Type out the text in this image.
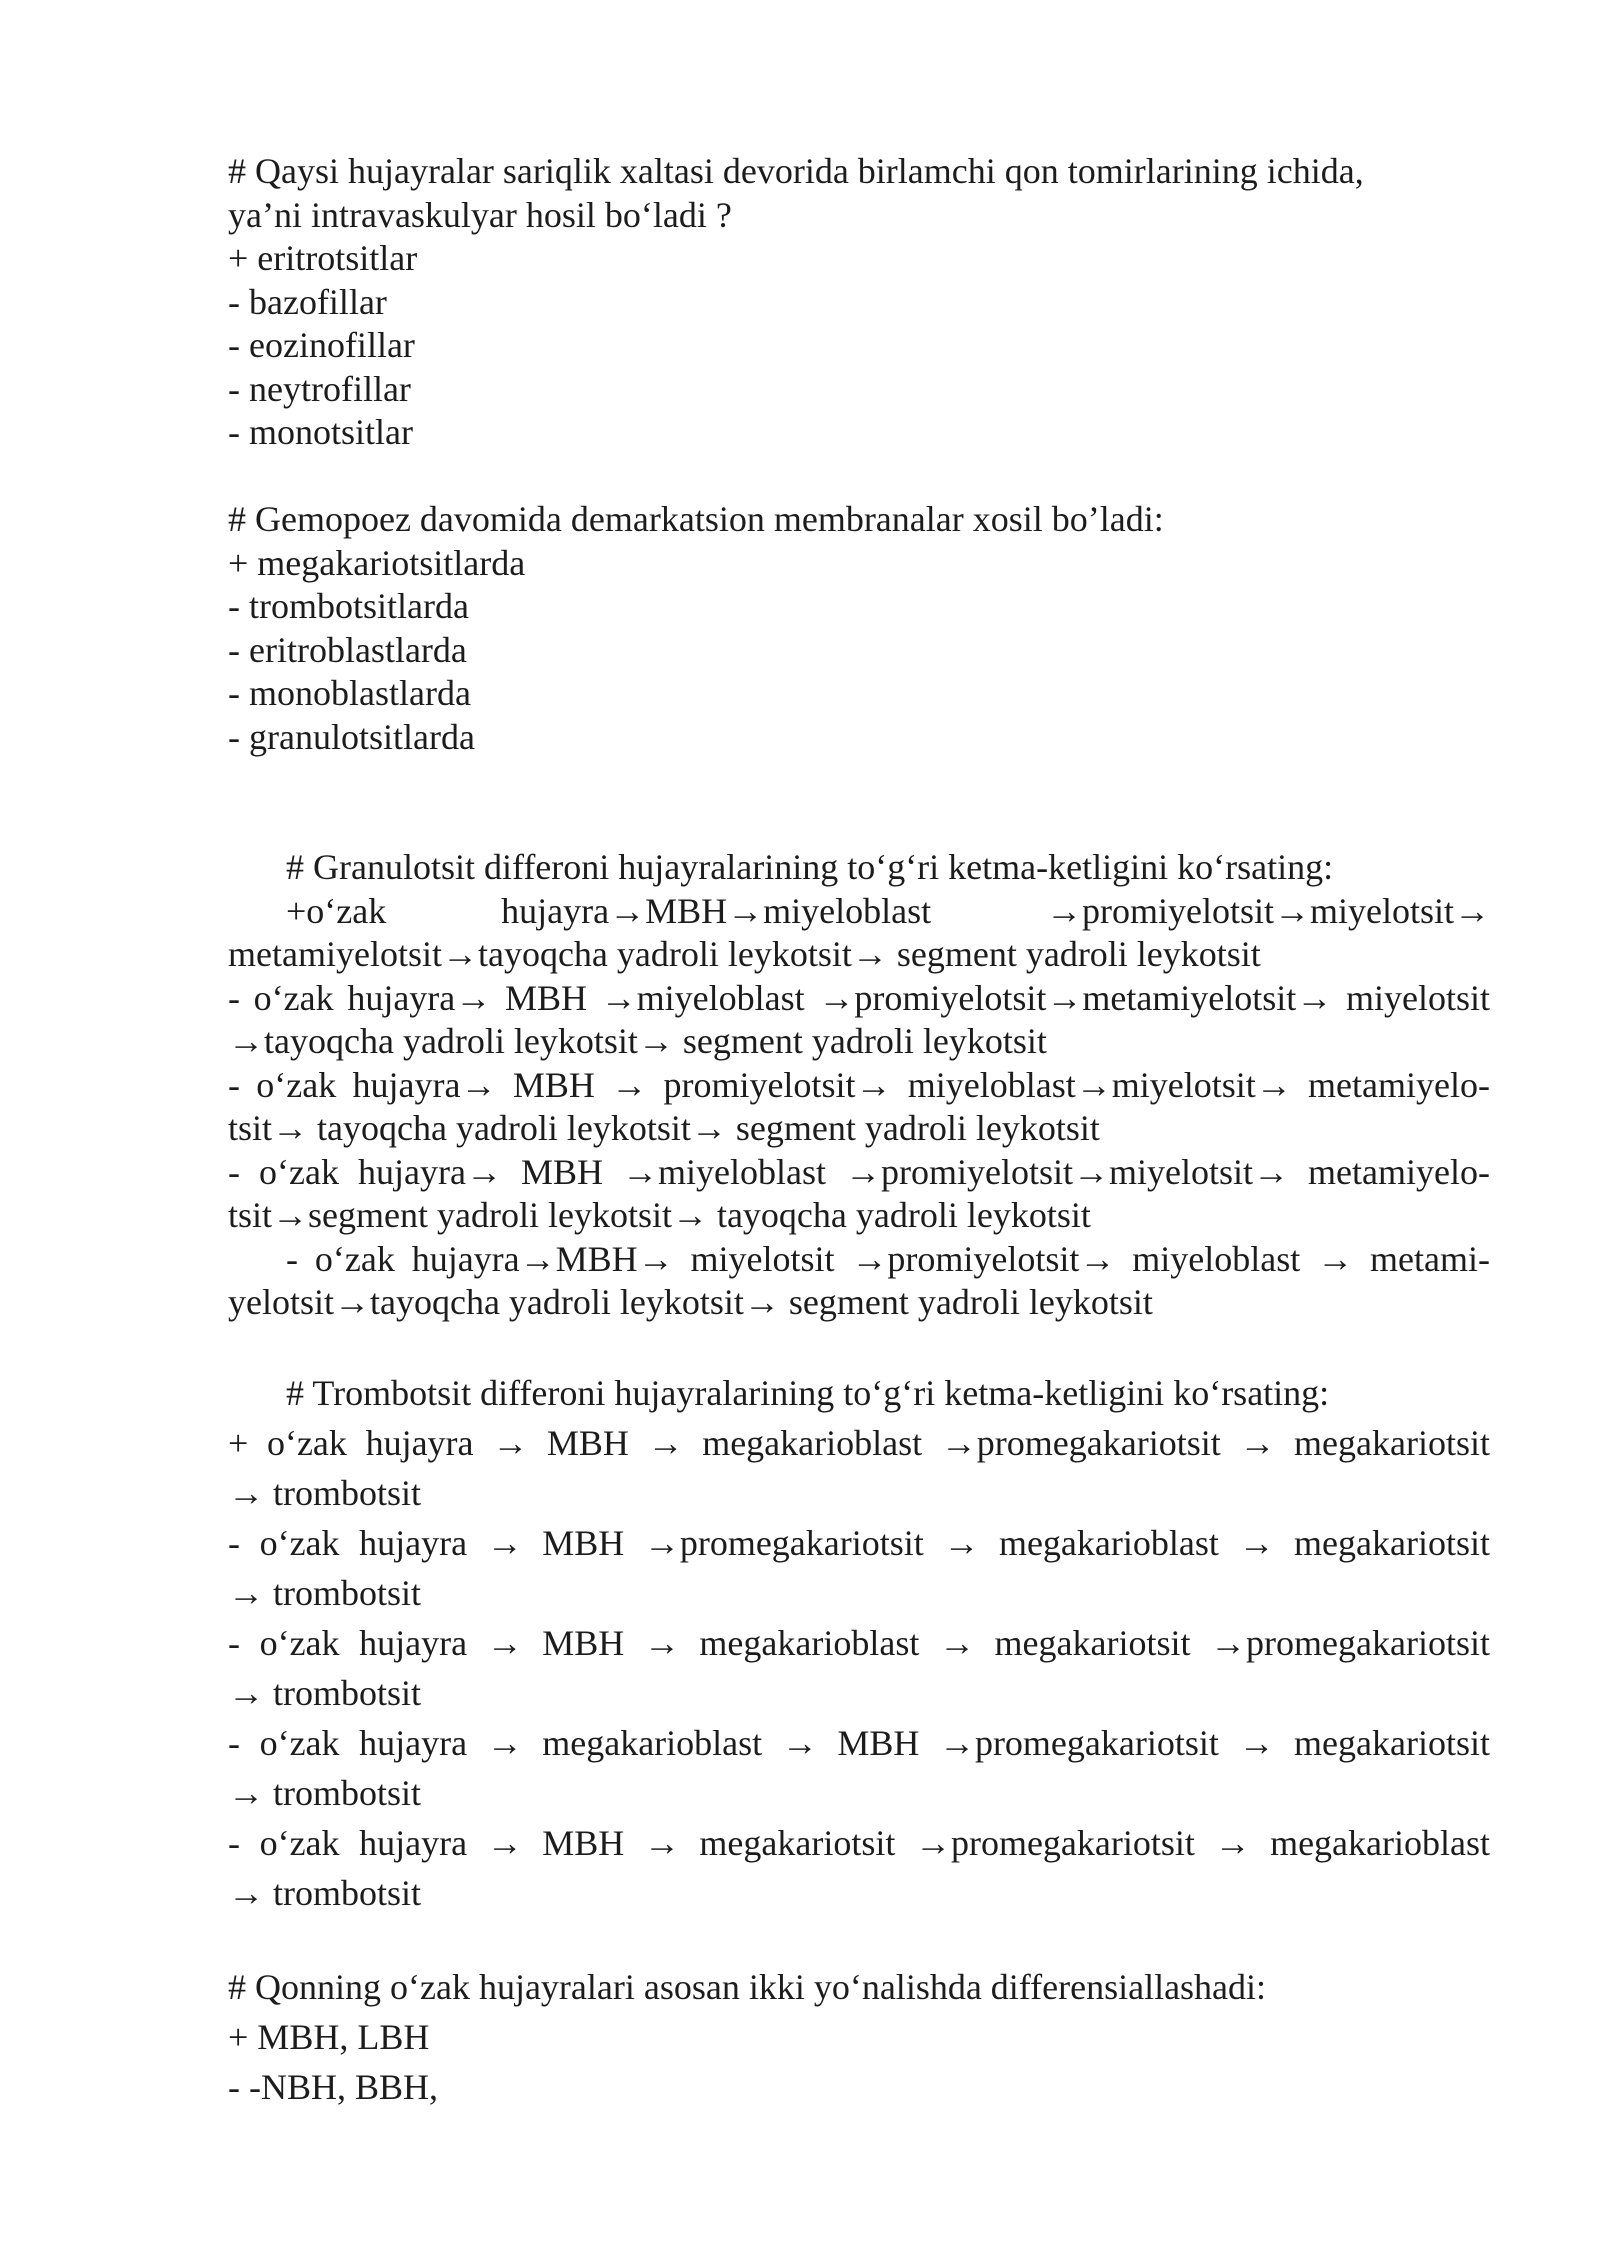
# Qaysi hujayralar sariqlik xaltasi devorida birlamchi qon tomirlarining ichida,
ya’ni intravaskulyar hosil bo‘ladi ?
+ eritrotsitlar
- bazofillar
- eozinofillar
- neytrofillar
- monotsitlar
# Gemopoez davomida demarkatsion membranalar xosil bo’ladi:
+ megakariotsitlarda
- trombotsitlarda
- eritroblastlarda
- monoblastlarda
- granulotsitlarda
# Granulotsit differoni hujayralarining to‘g‘ri ketma-ketligini ko‘rsating:
+o‘zak hujayra→MBH→miyeloblast →promiyelotsit→miyelotsit→
metamiyelotsit→tayoqcha yadroli leykotsit→ segment yadroli leykotsit
- o‘zak hujayra→ MBH →miyeloblast →promiyelotsit→metamiyelotsit→ miyelotsit
→tayoqcha yadroli leykotsit→ segment yadroli leykotsit
- o‘zak hujayra→ MBH → promiyelotsit→ miyeloblast→miyelotsit→ metamiyelo-
tsit→ tayoqcha yadroli leykotsit→ segment yadroli leykotsit
- o‘zak hujayra→ MBH →miyeloblast →promiyelotsit→miyelotsit→ metamiyelo-
tsit→segment yadroli leykotsit→ tayoqcha yadroli leykotsit
- o‘zak hujayra→MBH→ miyelotsit →promiyelotsit→ miyeloblast → metami-
yelotsit→tayoqcha yadroli leykotsit→ segment yadroli leykotsit
# Trombotsit differoni hujayralarining to‘g‘ri ketma-ketligini ko‘rsating:
+ o‘zak hujayra → MBH → megakarioblast →promegakariotsit → megakariotsit
→ trombotsit
- o‘zak hujayra → MBH →promegakariotsit → megakarioblast → megakariotsit
→ trombotsit
- o‘zak hujayra → MBH → megakarioblast → megakariotsit →promegakariotsit
→ trombotsit
- o‘zak hujayra → megakarioblast → MBH →promegakariotsit → megakariotsit
→ trombotsit
- o‘zak hujayra → MBH → megakariotsit →promegakariotsit → megakarioblast
→ trombotsit
# Qonning o‘zak hujayralari asosan ikki yo‘nalishda differensiallashadi:
+ MBH, LBH
- -NBH, BBH,
